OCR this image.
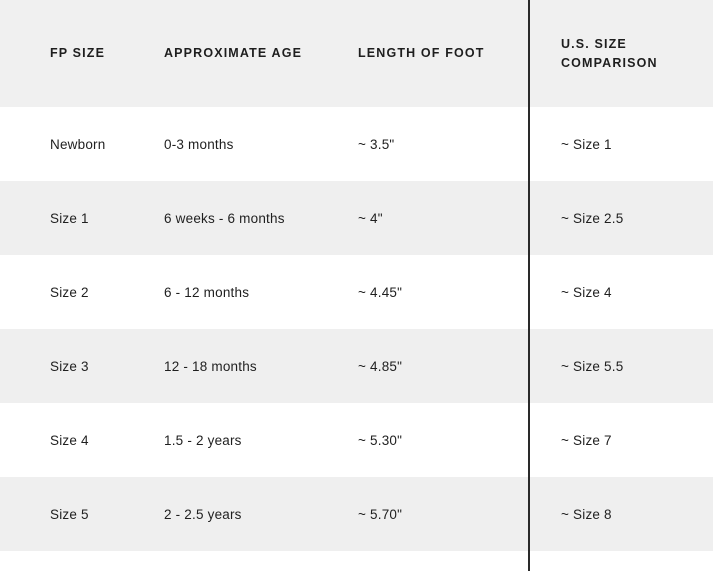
FP SIZE	APPROXIMATE AGE	LENGTH OF FOOT	U.S. SIZE
COMPARISON

Newborn	0-3 months	~ 3.5"	~ Size 1
Size 1	6 weeks - 6 months	~ 4"	~ Size 2.5
Size 2	6 - 12 months	~ 4.45"	~ Size 4
Size 3	12 - 18 months	~ 4.85"	~ Size 5.5
Size 4	1.5 - 2 years	~ 5.30"	~ Size 7
Size 5	2 - 2.5 years	~ 5.70"	~ Size 8
